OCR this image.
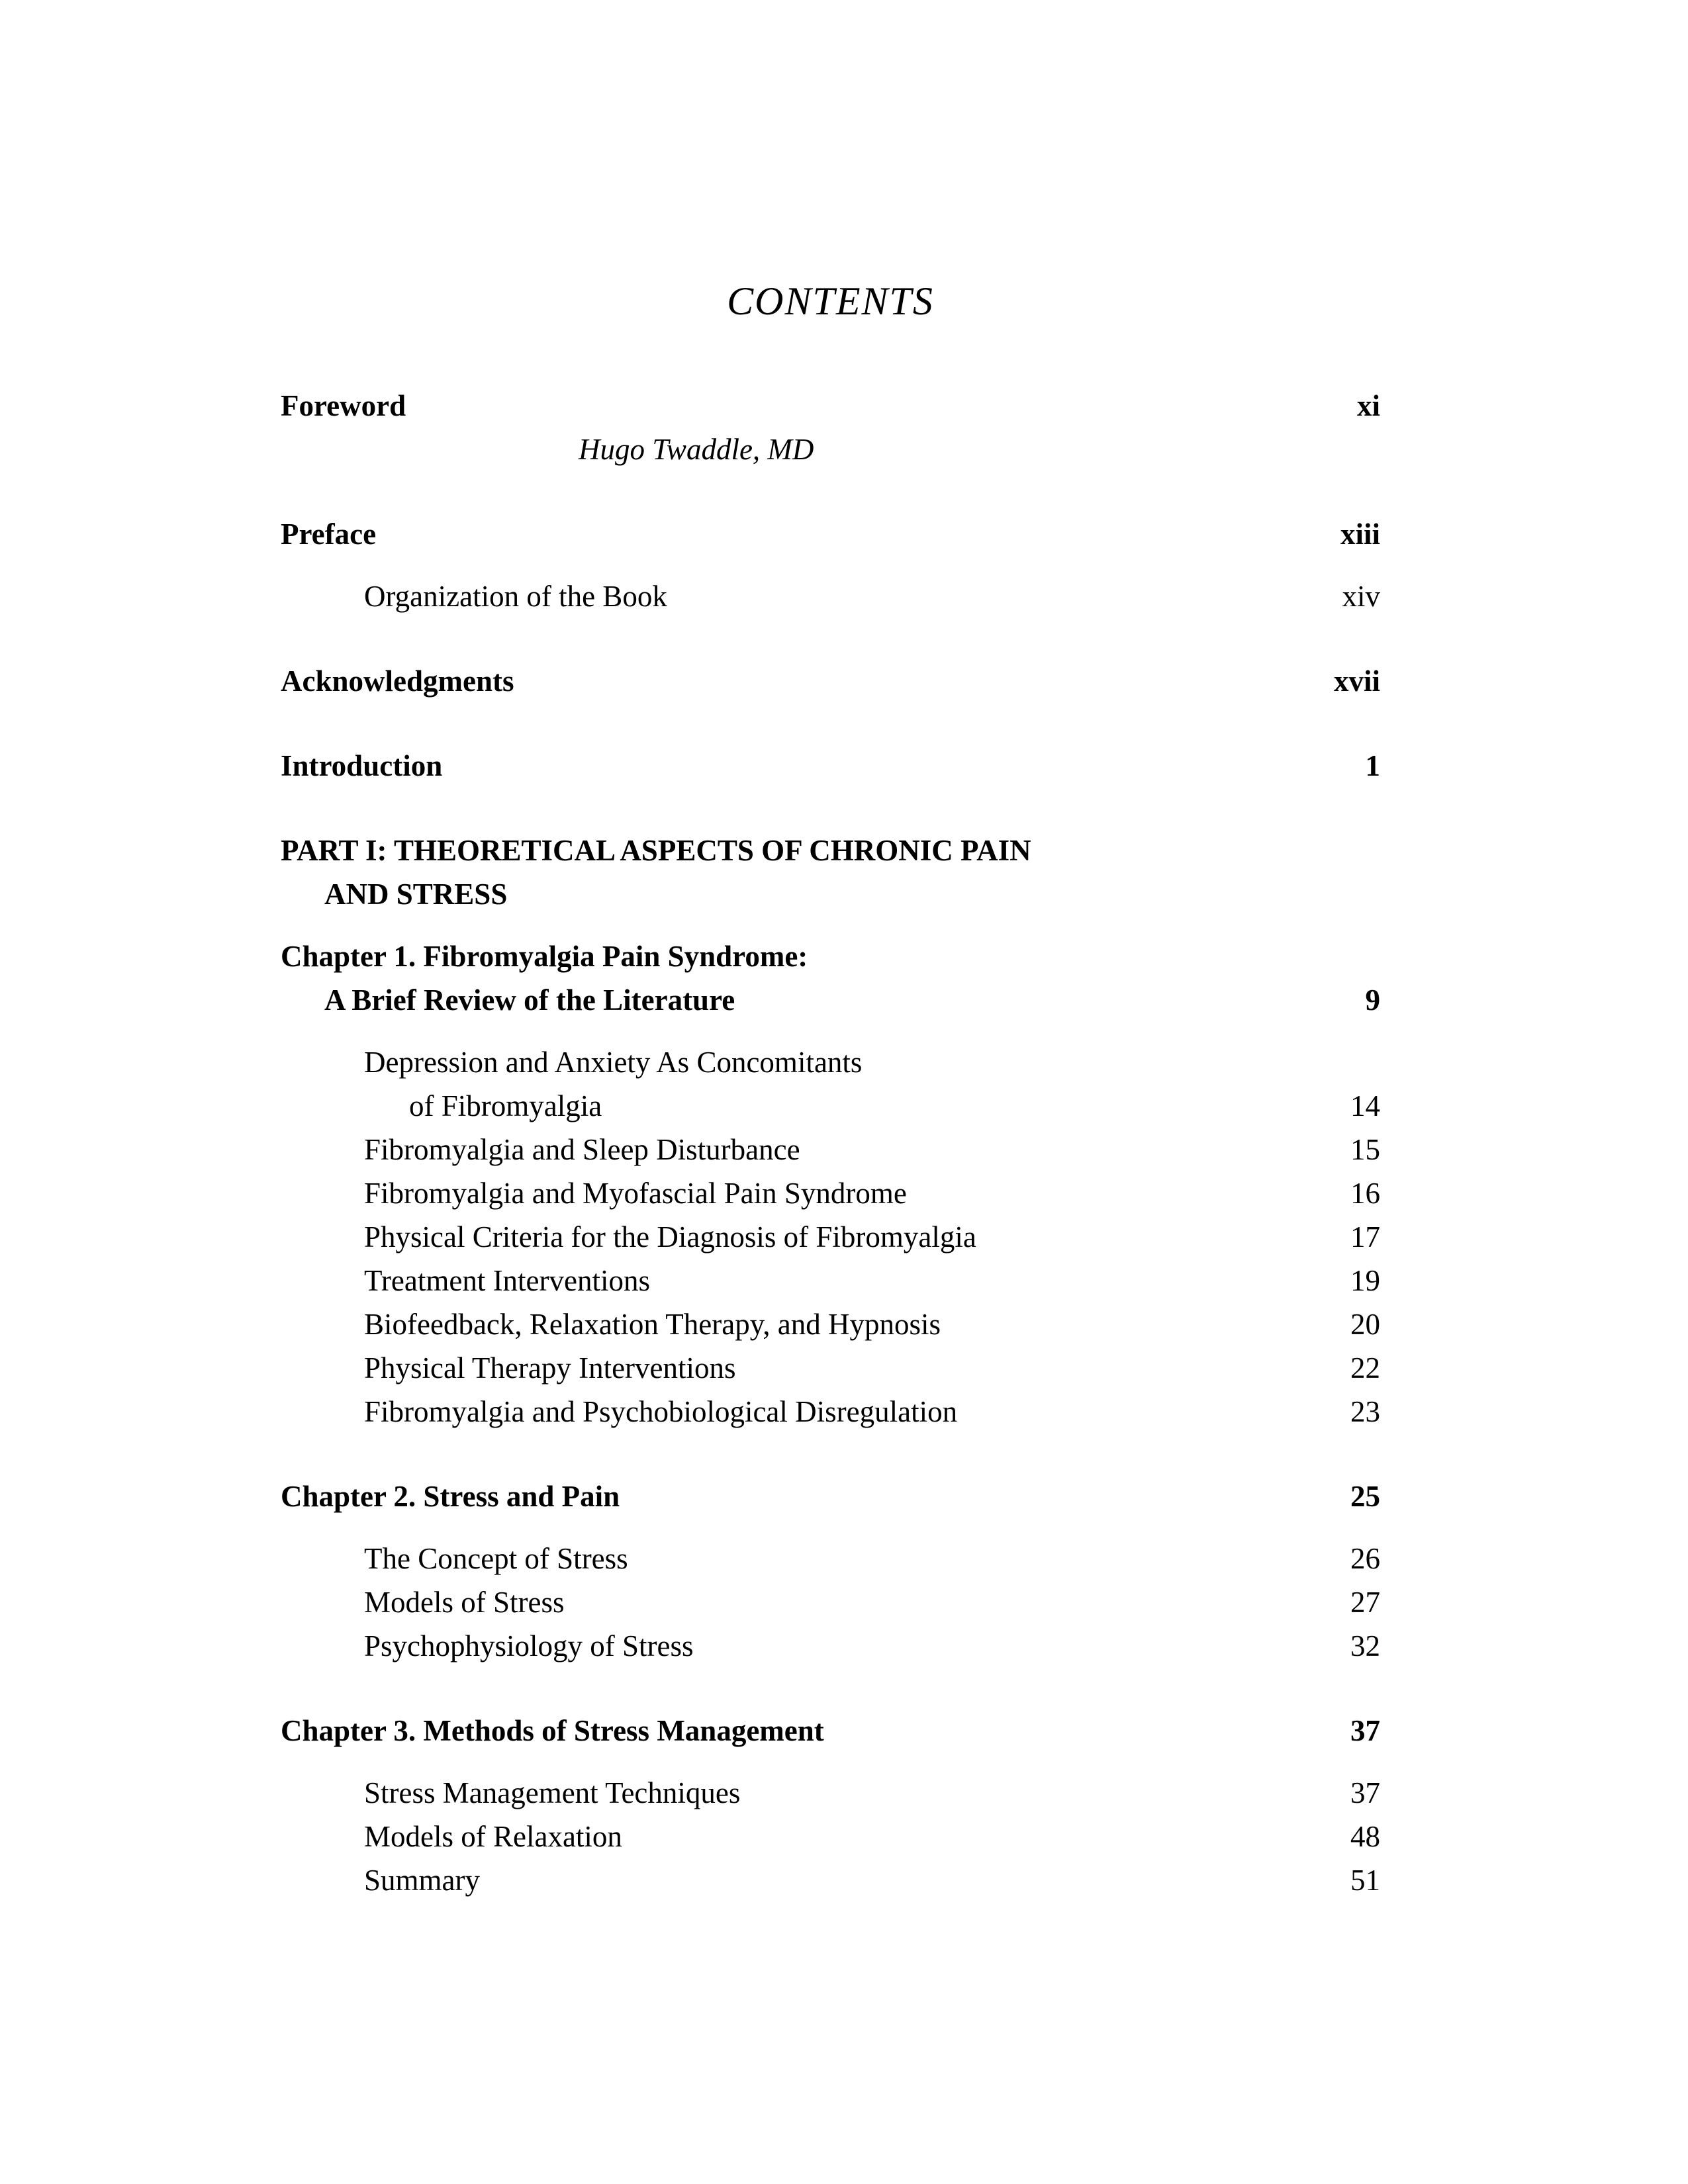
CONTENTS
Foreword	xi
Hugo Twaddle, MD
Preface	xiii
Organization of the Book	xiv
Acknowledgments	xvii
Introduction	1
PART I: THEORETICAL ASPECTS OF CHRONIC PAIN
AND STRESS
Chapter 1. Fibromyalgia Pain Syndrome:
A Brief Review of the Literature	9
Depression and Anxiety As Concomitants
of Fibromyalgia	14
Fibromyalgia and Sleep Disturbance	15
Fibromyalgia and Myofascial Pain Syndrome	16
Physical Criteria for the Diagnosis of Fibromyalgia	17
Treatment Interventions	19
Biofeedback, Relaxation Therapy, and Hypnosis	20
Physical Therapy Interventions	22
Fibromyalgia and Psychobiological Disregulation	23
Chapter 2. Stress and Pain	25
The Concept of Stress	26
Models of Stress	27
Psychophysiology of Stress	32
Chapter 3. Methods of Stress Management	37
Stress Management Techniques	37
Models of Relaxation	48
Summary	51
